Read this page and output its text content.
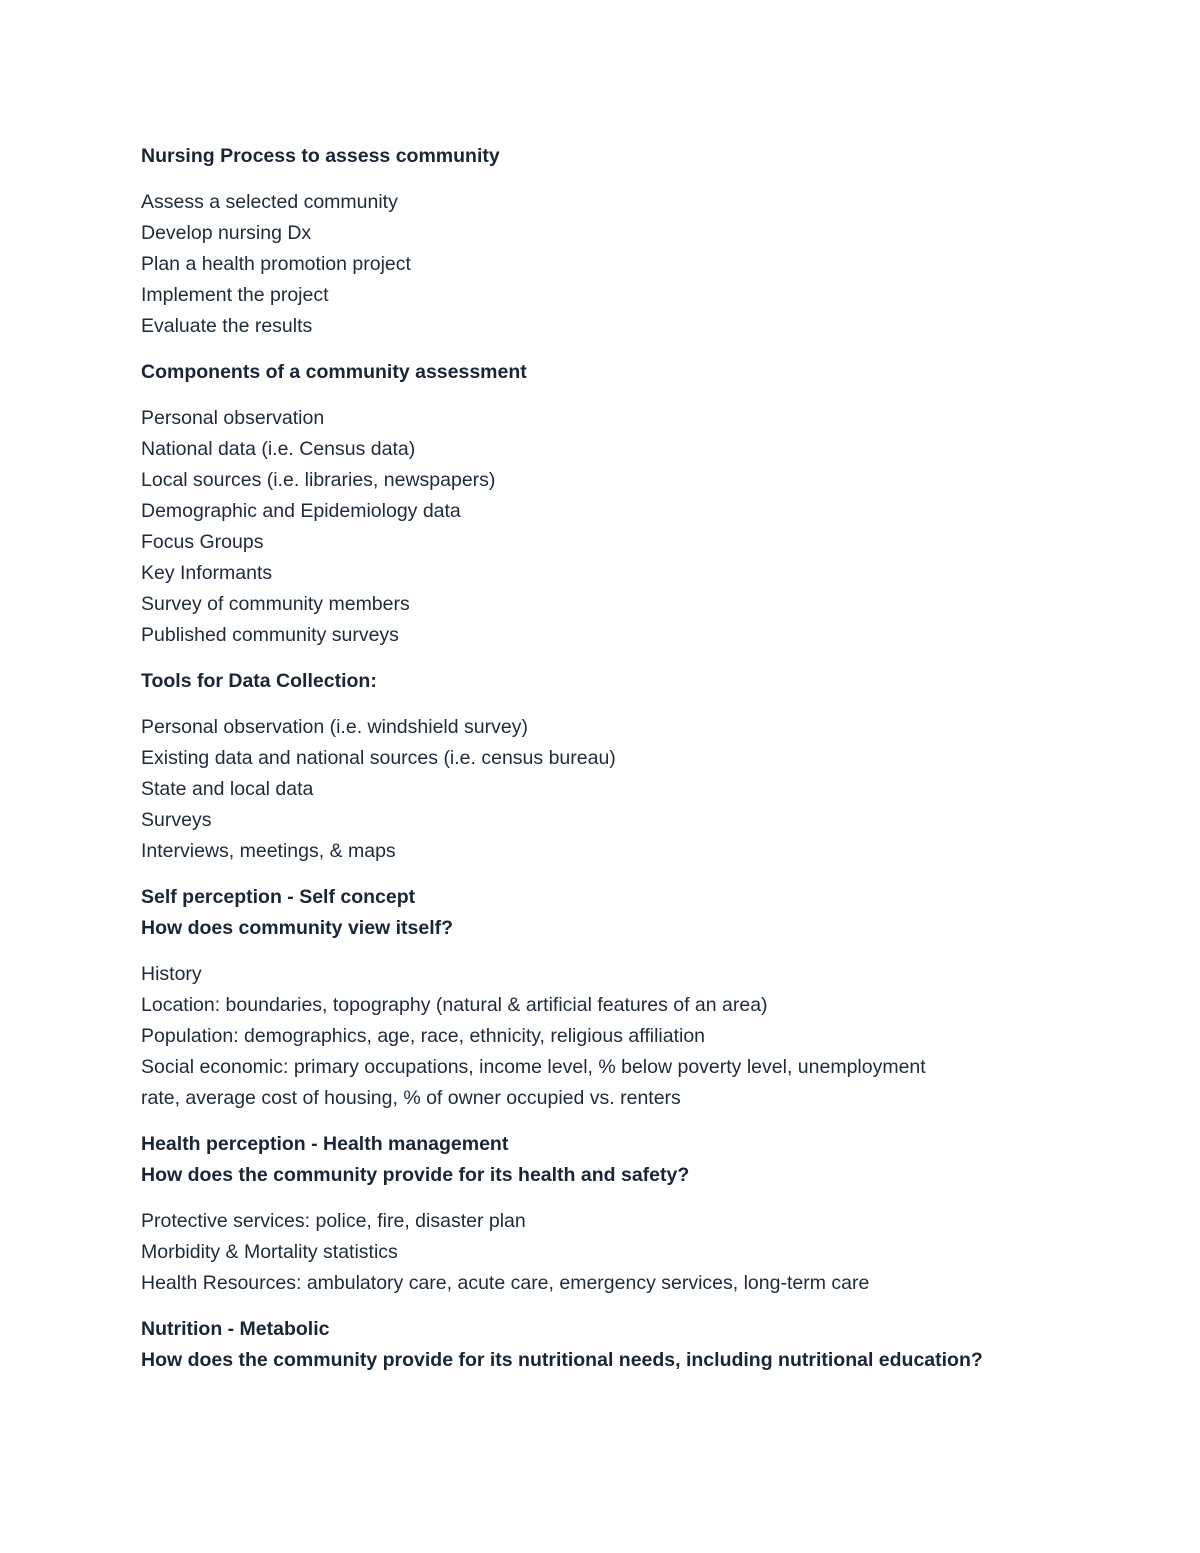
Nursing Process to assess community

Assess a selected community

Develop nursing Dx

Plan a health promotion project

Implement the project

Evaluate the results

Components of a community assessment

Personal observation

National data (i.e. Census data)

Local sources (i.e. libraries, newspapers)

Demographic and Epidemiology data

Focus Groups

Key Informants

Survey of community members

Published community surveys

Tools for Data Collection:

Personal observation (i.e. windshield survey)

Existing data and national sources (i.e. census bureau)

State and local data

Surveys

Interviews, meetings, & maps

Self perception - Self concept

How does community view itself?

History

Location: boundaries, topography (natural & artificial features of an area)

Population: demographics, age, race, ethnicity, religious affiliation

Social economic: primary occupations, income level, % below poverty level, unemployment

rate, average cost of housing, % of owner occupied vs. renters

Health perception - Health management

How does the community provide for its health and safety?

Protective services: police, fire, disaster plan

Morbidity & Mortality statistics

Health Resources: ambulatory care, acute care, emergency services, long-term care

Nutrition - Metabolic

How does the community provide for its nutritional needs, including nutritional education?
